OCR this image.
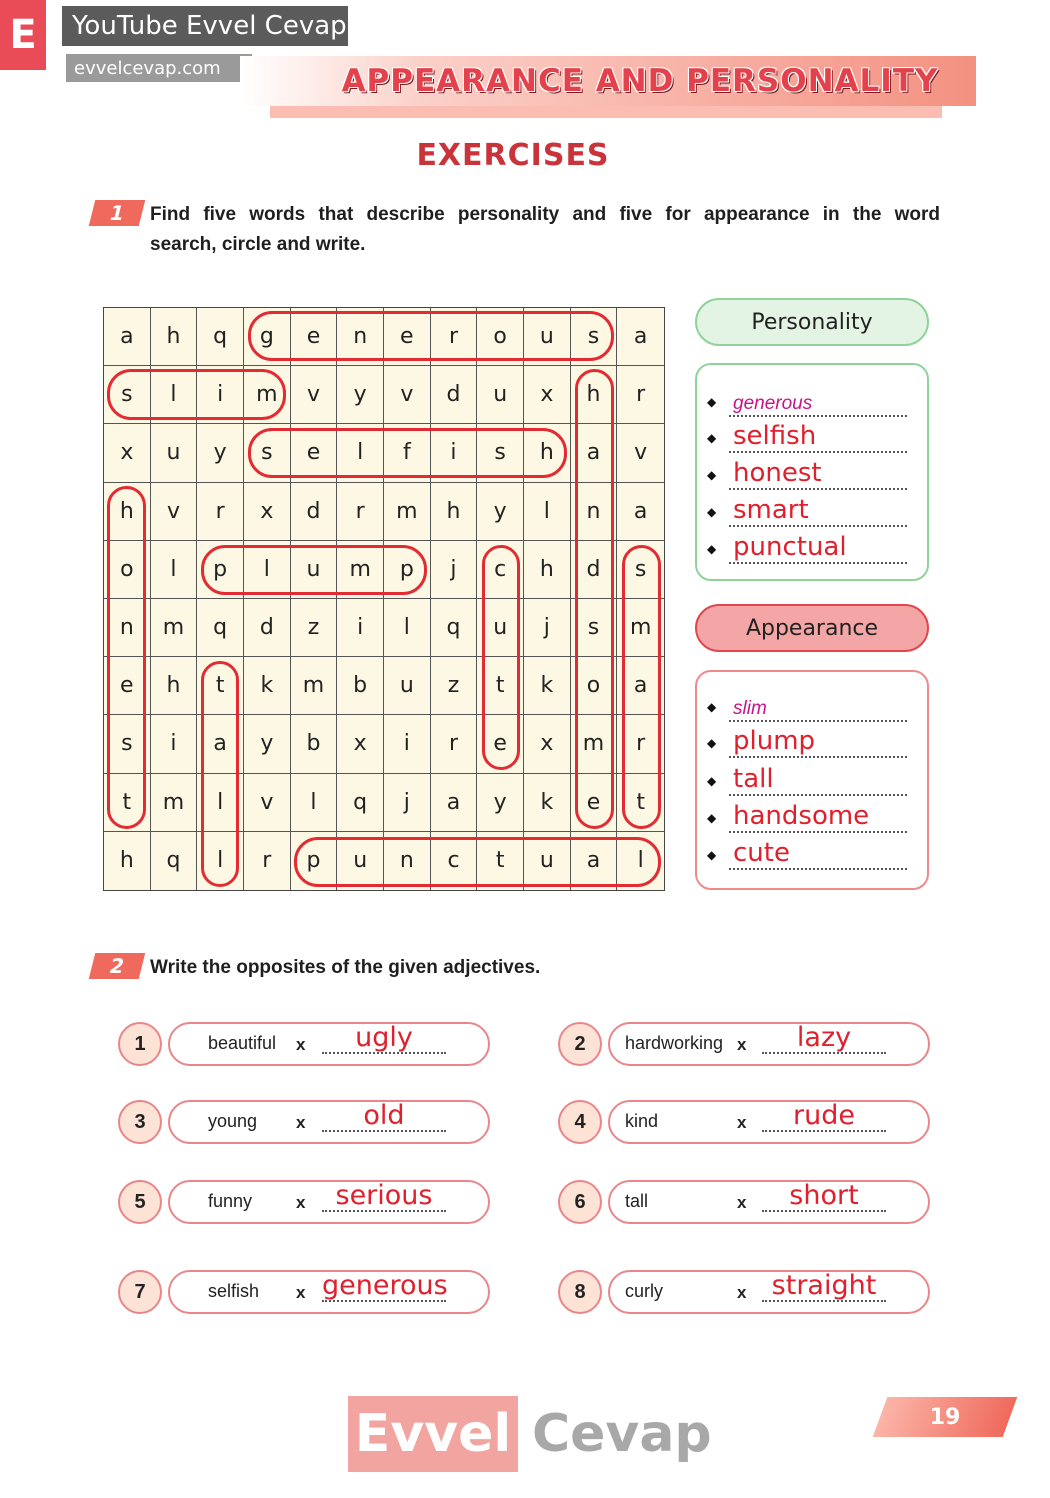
E	YouTube Evvel Cevap
evvelcevap.com	APPEARANCE AND PERSONALITY
EXERCISES
1	Find five words that describe personality and five for appearance in the word
search, circle and write.
a	h	q	g	e	n	e	r	o	u	s	a
s	l	i	m	v	y	v	d	u	x	h	r
x	u	y	s	e	l	f	i	s	h	a	v
h	v	r	x	d	r	m	h	y	l	n	a
o	l	p	l	u	m	p	j	c	h	d	s
n	m	q	d	z	i	l	q	u	j	s	m
e	h	t	k	m	b	u	z	t	k	o	a
s	i	a	y	b	x	i	r	e	x	m	r
t	m	l	v	l	q	j	a	y	k	e	t
h	q	l	r	p	u	n	c	t	u	a	l
Personality
◆ generous
◆ selfish
◆ honest
◆ smart
◆ punctual
Appearance
◆ slim
◆ plump
◆ tall
◆ handsome
◆ cute
2	Write the opposites of the given adjectives.
1	beautiful x	ugly	2	hardworking x	lazy
3	young x	old	4	kind	x	rude
5	funny	x	serious	6	tall	x	short
7	selfish x generous	8	curly	x straight
Evvel Cevap	19
